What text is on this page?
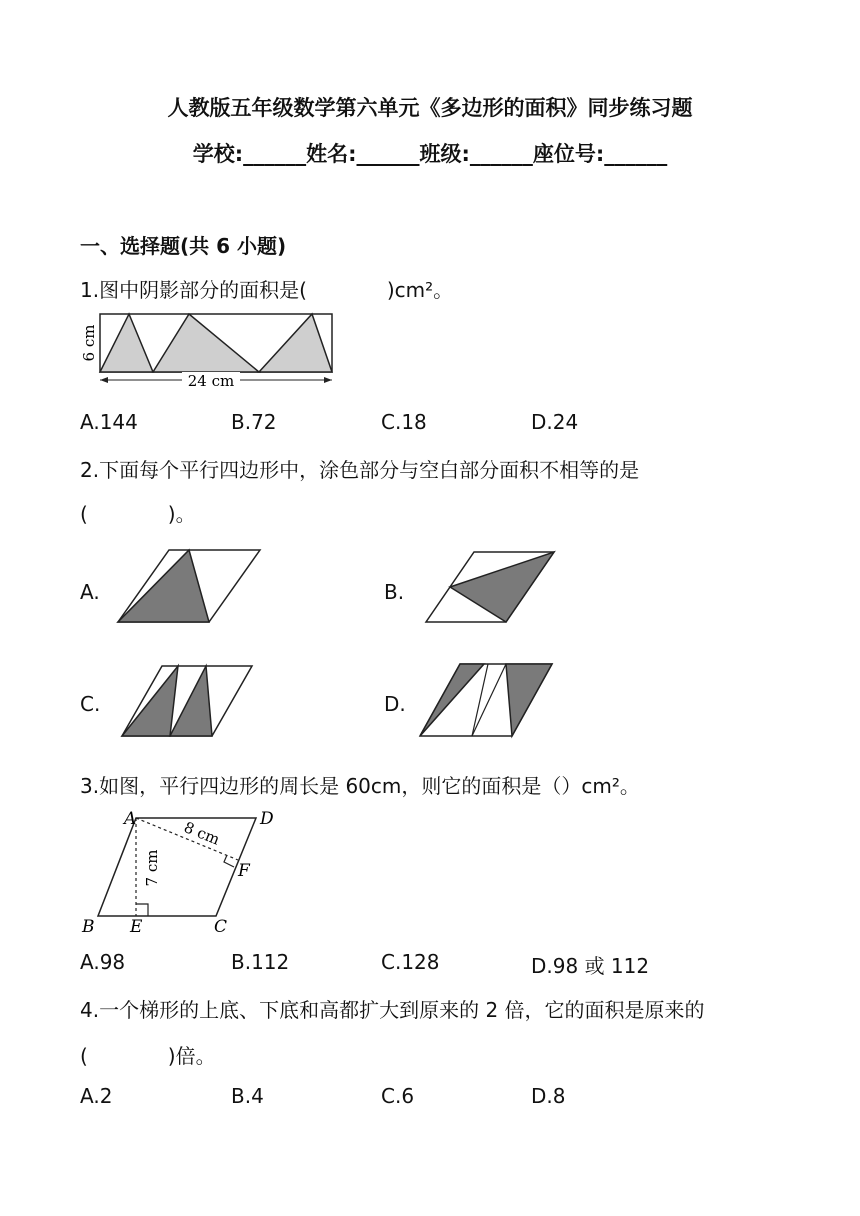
人教版五年级数学第六单元《多边形的面积》同步练习题
学校:______姓名:______班级:______座位号:______
一、选择题(共 6 小题)
1.图中阴影部分的面积是(　　　　)cm²。
24 cm
6 cm
A.144	B.72	C.18	D.24
2.下面每个平行四边形中，涂色部分与空白部分面积不相等的是
(　　　　)。
A.	B.
C.	D.
3.如图，平行四边形的周长是 60cm，则它的面积是（）cm²。
A	D
B	C
E
F
8 cm
7 cm
A.98	B.112	C.128	D.98 或 112
4.一个梯形的上底、下底和高都扩大到原来的 2 倍，它的面积是原来的
(　　　　)倍。
A.2	B.4	C.6	D.8
